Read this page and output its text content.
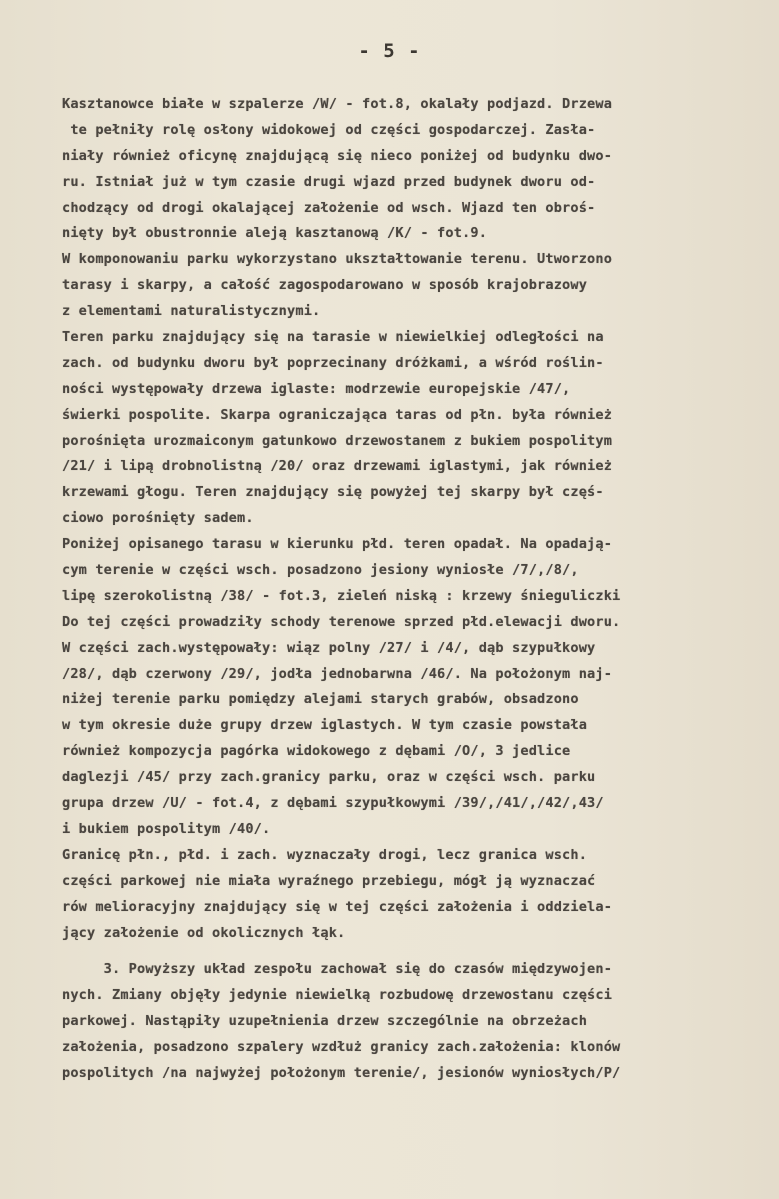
- 5 -
Kasztanowce białe w szpalerze /W/ - fot.8, okalały podjazd. Drzewa
te pełniły rolę osłony widokowej od części gospodarczej. Zasła-
niały również oficynę znajdującą się nieco poniżej od budynku dwo-
ru. Istniał już w tym czasie drugi wjazd przed budynek dworu od-
chodzący od drogi okalającej założenie od wsch. Wjazd ten obroś-
nięty był obustronnie aleją kasztanową /K/ - fot.9.
W komponowaniu parku wykorzystano ukształtowanie terenu. Utworzono
tarasy i skarpy, a całość zagospodarowano w sposób krajobrazowy
z elementami naturalistycznymi.
Teren parku znajdujący się na tarasie w niewielkiej odległości na
zach. od budynku dworu był poprzecinany dróżkami, a wśród roślin-
ności występowały drzewa iglaste: modrzewie europejskie /47/,
świerki pospolite. Skarpa ograniczająca taras od płn. była również
porośnięta urozmaiconym gatunkowo drzewostanem z bukiem pospolitym
/21/ i lipą drobnolistną /20/ oraz drzewami iglastymi, jak również
krzewami głogu. Teren znajdujący się powyżej tej skarpy był częś-
ciowo porośnięty sadem.
Poniżej opisanego tarasu w kierunku płd. teren opadał. Na opadają-
cym terenie w części wsch. posadzono jesiony wyniosłe /7/,/8/,
lipę szerokolistną /38/ - fot.3, zieleń niską : krzewy śnieguliczki
Do tej części prowadziły schody terenowe sprzed płd.elewacji dworu.
W części zach.występowały: wiąz polny /27/ i /4/, dąb szypułkowy
/28/, dąb czerwony /29/, jodła jednobarwna /46/. Na położonym naj-
niżej terenie parku pomiędzy alejami starych grabów, obsadzono
w tym okresie duże grupy drzew iglastych. W tym czasie powstała
również kompozycja pagórka widokowego z dębami /O/, 3 jedlice
daglezji /45/ przy zach.granicy parku, oraz w części wsch. parku
grupa drzew /U/ - fot.4, z dębami szypułkowymi /39/,/41/,/42/,43/
i bukiem pospolitym /40/.
Granicę płn., płd. i zach. wyznaczały drogi, lecz granica wsch.
części parkowej nie miała wyraźnego przebiegu, mógł ją wyznaczać
rów melioracyjny znajdujący się w tej części założenia i oddziela-
jący założenie od okolicznych łąk.
3. Powyższy układ zespołu zachował się do czasów międzywojen-
nych. Zmiany objęły jedynie niewielką rozbudowę drzewostanu części
parkowej. Nastąpiły uzupełnienia drzew szczególnie na obrzeżach
założenia, posadzono szpalery wzdłuż granicy zach.założenia: klonów
pospolitych /na najwyżej położonym terenie/, jesionów wyniosłych/P/
